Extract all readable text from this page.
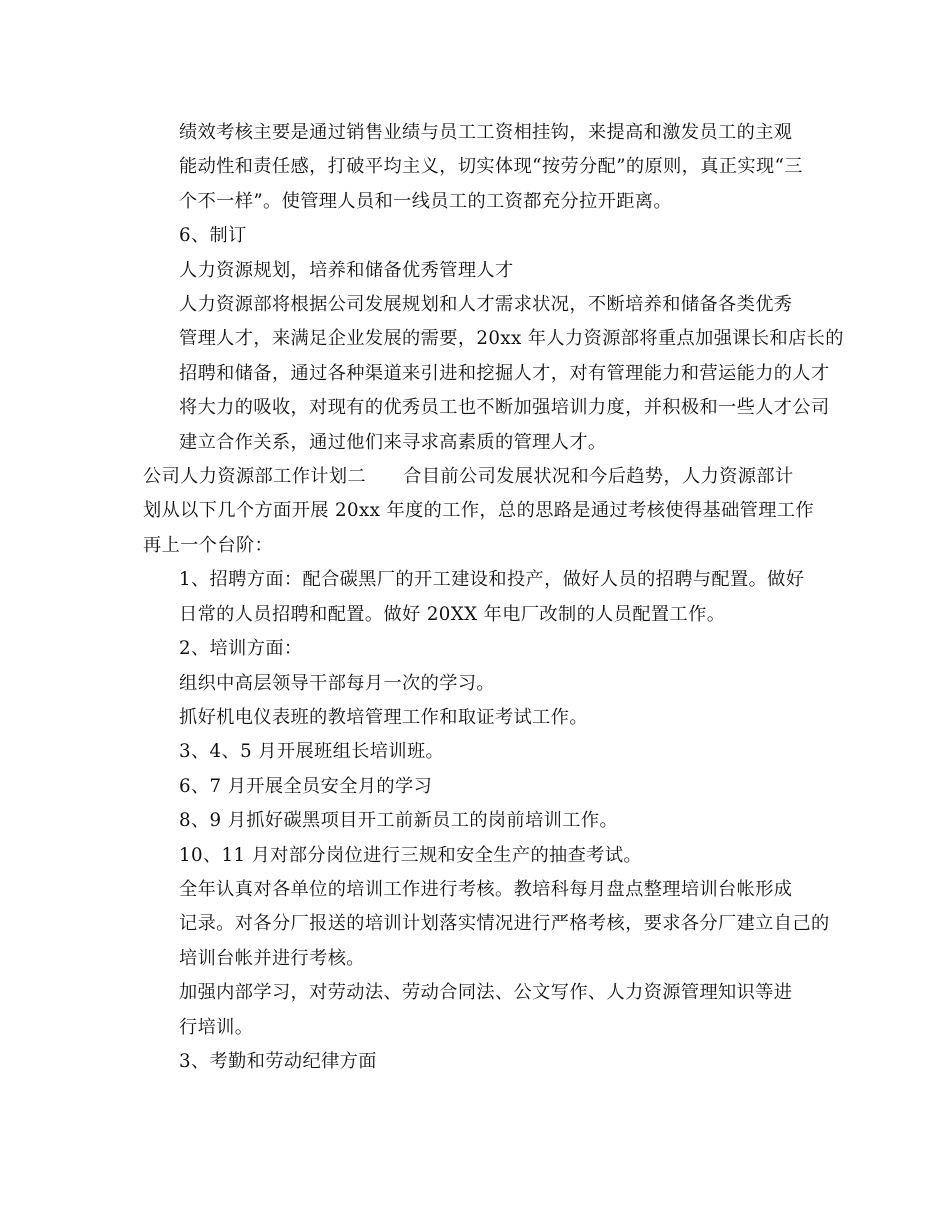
绩效考核主要是通过销售业绩与员工工资相挂钩，来提高和激发员工的主观
能动性和责任感，打破平均主义，切实体现“按劳分配”的原则，真正实现“三
个不一样”。使管理人员和一线员工的工资都充分拉开距离。

6、制订

人力资源规划，培养和储备优秀管理人才

人力资源部将根据公司发展规划和人才需求状况，不断培养和储备各类优秀
管理人才，来满足企业发展的需要，20xx 年人力资源部将重点加强课长和店长的
招聘和储备，通过各种渠道来引进和挖掘人才，对有管理能力和营运能力的人才
将大力的吸收，对现有的优秀员工也不断加强培训力度，并积极和一些人才公司
建立合作关系，通过他们来寻求高素质的管理人才。

公司人力资源部工作计划二　　合目前公司发展状况和今后趋势，人力资源部计
划从以下几个方面开展 20xx 年度的工作，总的思路是通过考核使得基础管理工作
再上一个台阶：

1、招聘方面：配合碳黑厂的开工建设和投产，做好人员的招聘与配置。做好
日常的人员招聘和配置。做好 20XX 年电厂改制的人员配置工作。

2、培训方面：

组织中高层领导干部每月一次的学习。

抓好机电仪表班的教培管理工作和取证考试工作。

3、4、5 月开展班组长培训班。

6、7 月开展全员安全月的学习

8、9 月抓好碳黑项目开工前新员工的岗前培训工作。

10、11 月对部分岗位进行三规和安全生产的抽查考试。

全年认真对各单位的培训工作进行考核。教培科每月盘点整理培训台帐形成
记录。对各分厂报送的培训计划落实情况进行严格考核，要求各分厂建立自己的
培训台帐并进行考核。

加强内部学习，对劳动法、劳动合同法、公文写作、人力资源管理知识等进
行培训。

3、考勤和劳动纪律方面
